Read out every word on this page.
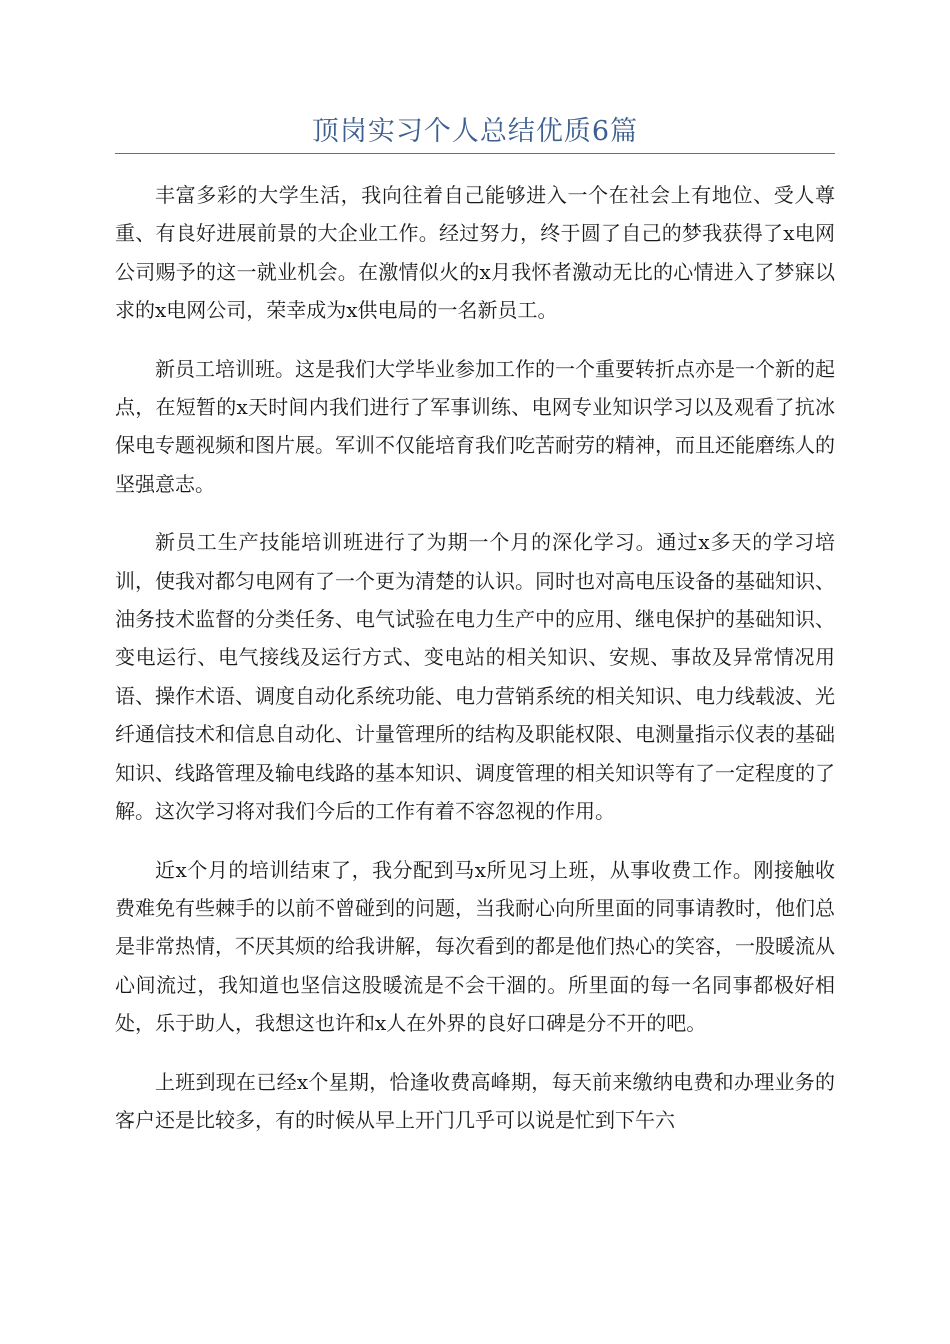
顶岗实习个人总结优质6篇

丰富多彩的大学生活，我向往着自己能够进入一个在社会上有地位、受人尊重、有良好进展前景的大企业工作。经过努力，终于圆了自己的梦我获得了x电网公司赐予的这一就业机会。在激情似火的x月我怀者激动无比的心情进入了梦寐以求的x电网公司，荣幸成为x供电局的一名新员工。

新员工培训班。这是我们大学毕业参加工作的一个重要转折点亦是一个新的起点，在短暂的x天时间内我们进行了军事训练、电网专业知识学习以及观看了抗冰保电专题视频和图片展。军训不仅能培育我们吃苦耐劳的精神，而且还能磨练人的坚强意志。

新员工生产技能培训班进行了为期一个月的深化学习。通过x多天的学习培训，使我对都匀电网有了一个更为清楚的认识。同时也对高电压设备的基础知识、油务技术监督的分类任务、电气试验在电力生产中的应用、继电保护的基础知识、变电运行、电气接线及运行方式、变电站的相关知识、安规、事故及异常情况用语、操作术语、调度自动化系统功能、电力营销系统的相关知识、电力线载波、光纤通信技术和信息自动化、计量管理所的结构及职能权限、电测量指示仪表的基础知识、线路管理及输电线路的基本知识、调度管理的相关知识等有了一定程度的了解。这次学习将对我们今后的工作有着不容忽视的作用。

近x个月的培训结束了，我分配到马x所见习上班，从事收费工作。刚接触收费难免有些棘手的以前不曾碰到的问题，当我耐心向所里面的同事请教时，他们总是非常热情，不厌其烦的给我讲解，每次看到的都是他们热心的笑容，一股暖流从心间流过，我知道也坚信这股暖流是不会干涸的。所里面的每一名同事都极好相处，乐于助人，我想这也许和x人在外界的良好口碑是分不开的吧。

上班到现在已经x个星期，恰逢收费高峰期，每天前来缴纳电费和办理业务的客户还是比较多，有的时候从早上开门几乎可以说是忙到下午六
